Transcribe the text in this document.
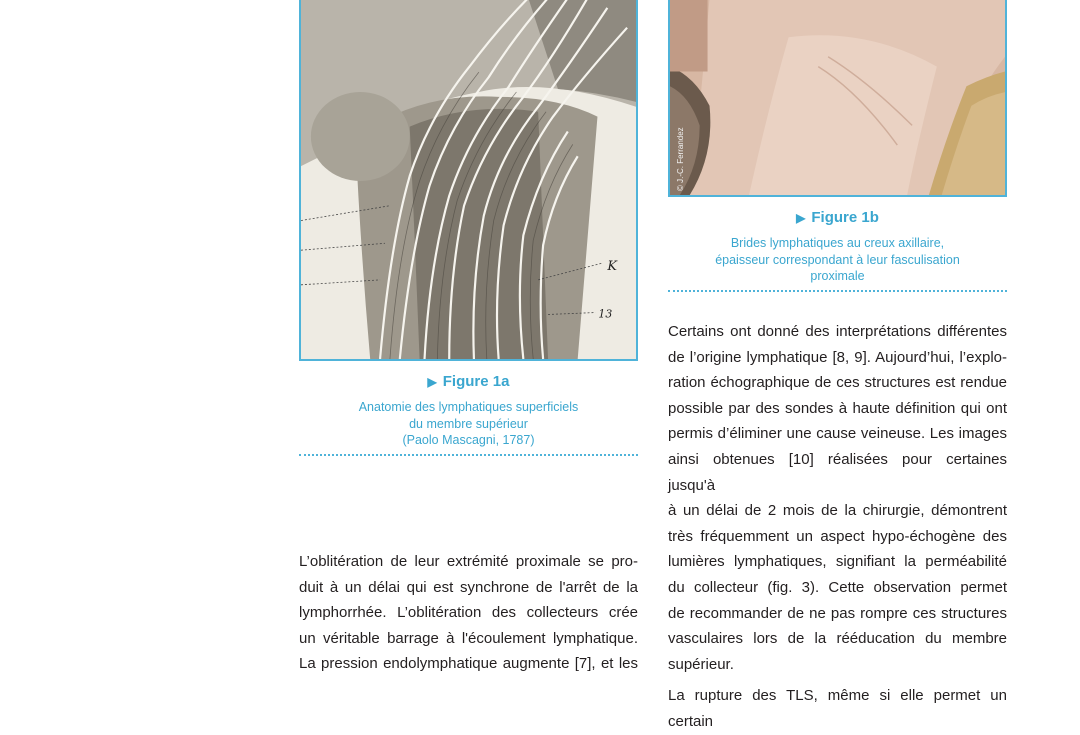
K
13
▶ Figure 1a
Anatomie des lymphatiques superficiels
du membre supérieur
(Paolo Mascagni, 1787)
© J.-C. Ferrandez
▶ Figure 1b
Brides lymphatiques au creux axillaire,
épaisseur correspondant à leur fasculisation
proximale

L’oblitération de leur extrémité proximale se pro-

duit à un délai qui est synchrone de l'arrêt de la

lymphorrhée. L’oblitération des collecteurs crée

un véritable barrage à l'écoulement lymphatique.

La pression endolymphatique augmente [7], et les

Certains ont donné des interprétations différentes

de l’origine lymphatique [8, 9]. Aujourd’hui, l’explo-

ration échographique de ces structures est rendue

possible par des sondes à haute définition qui ont

permis d’éliminer une cause veineuse. Les images

ainsi obtenues [10] réalisées pour certaines jusqu'à

à un délai de 2 mois de la chirurgie, démontrent

très fréquemment un aspect hypo-échogène des

lumières lymphatiques, signifiant la perméabilité

du collecteur (fig. 3). Cette observation permet

de recommander de ne pas rompre ces structures

vasculaires lors de la rééducation du membre

supérieur.

La rupture des TLS, même si elle permet un certain
